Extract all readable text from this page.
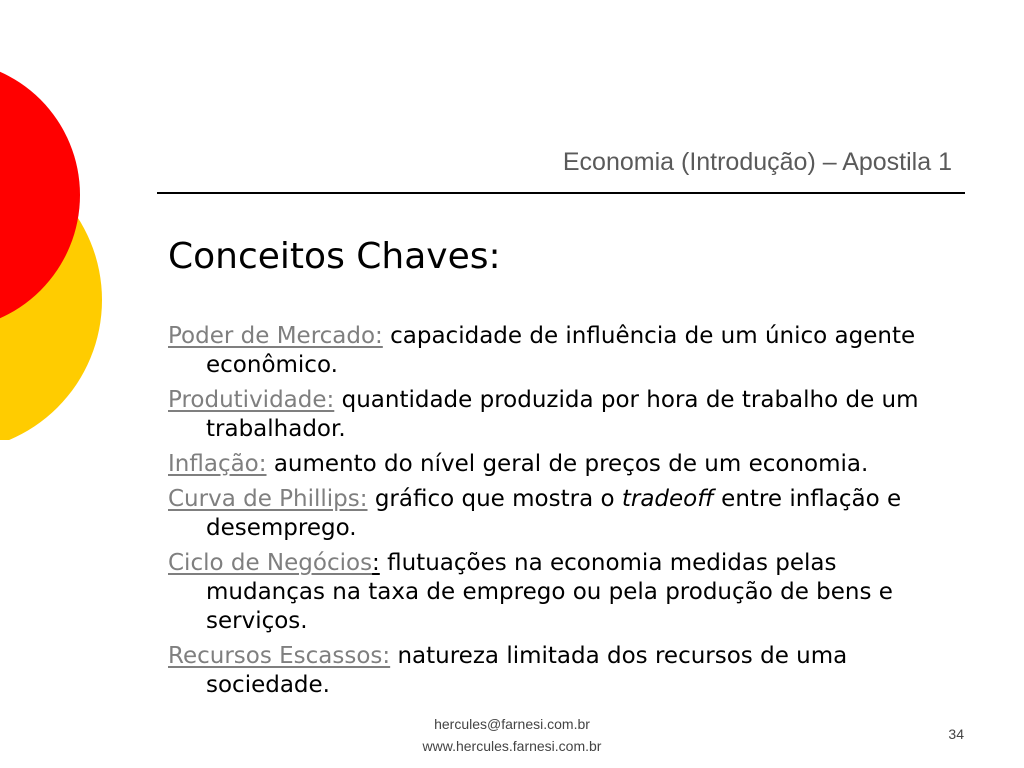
Economia (Introdução) – Apostila 1
Conceitos Chaves:
Poder de Mercado: capacidade de influência de um único agente econômico.
Produtividade: quantidade produzida por hora de trabalho de um trabalhador.
Inflação: aumento do nível geral de preços de um economia.
Curva de Phillips: gráfico que mostra o tradeoff entre inflação e desemprego.
Ciclo de Negócios: flutuações na economia medidas pelas mudanças na taxa de emprego ou pela produção de bens e serviços.
Recursos Escassos: natureza limitada dos recursos de uma sociedade.
hercules@farnesi.com.br
www.hercules.farnesi.com.br
34
